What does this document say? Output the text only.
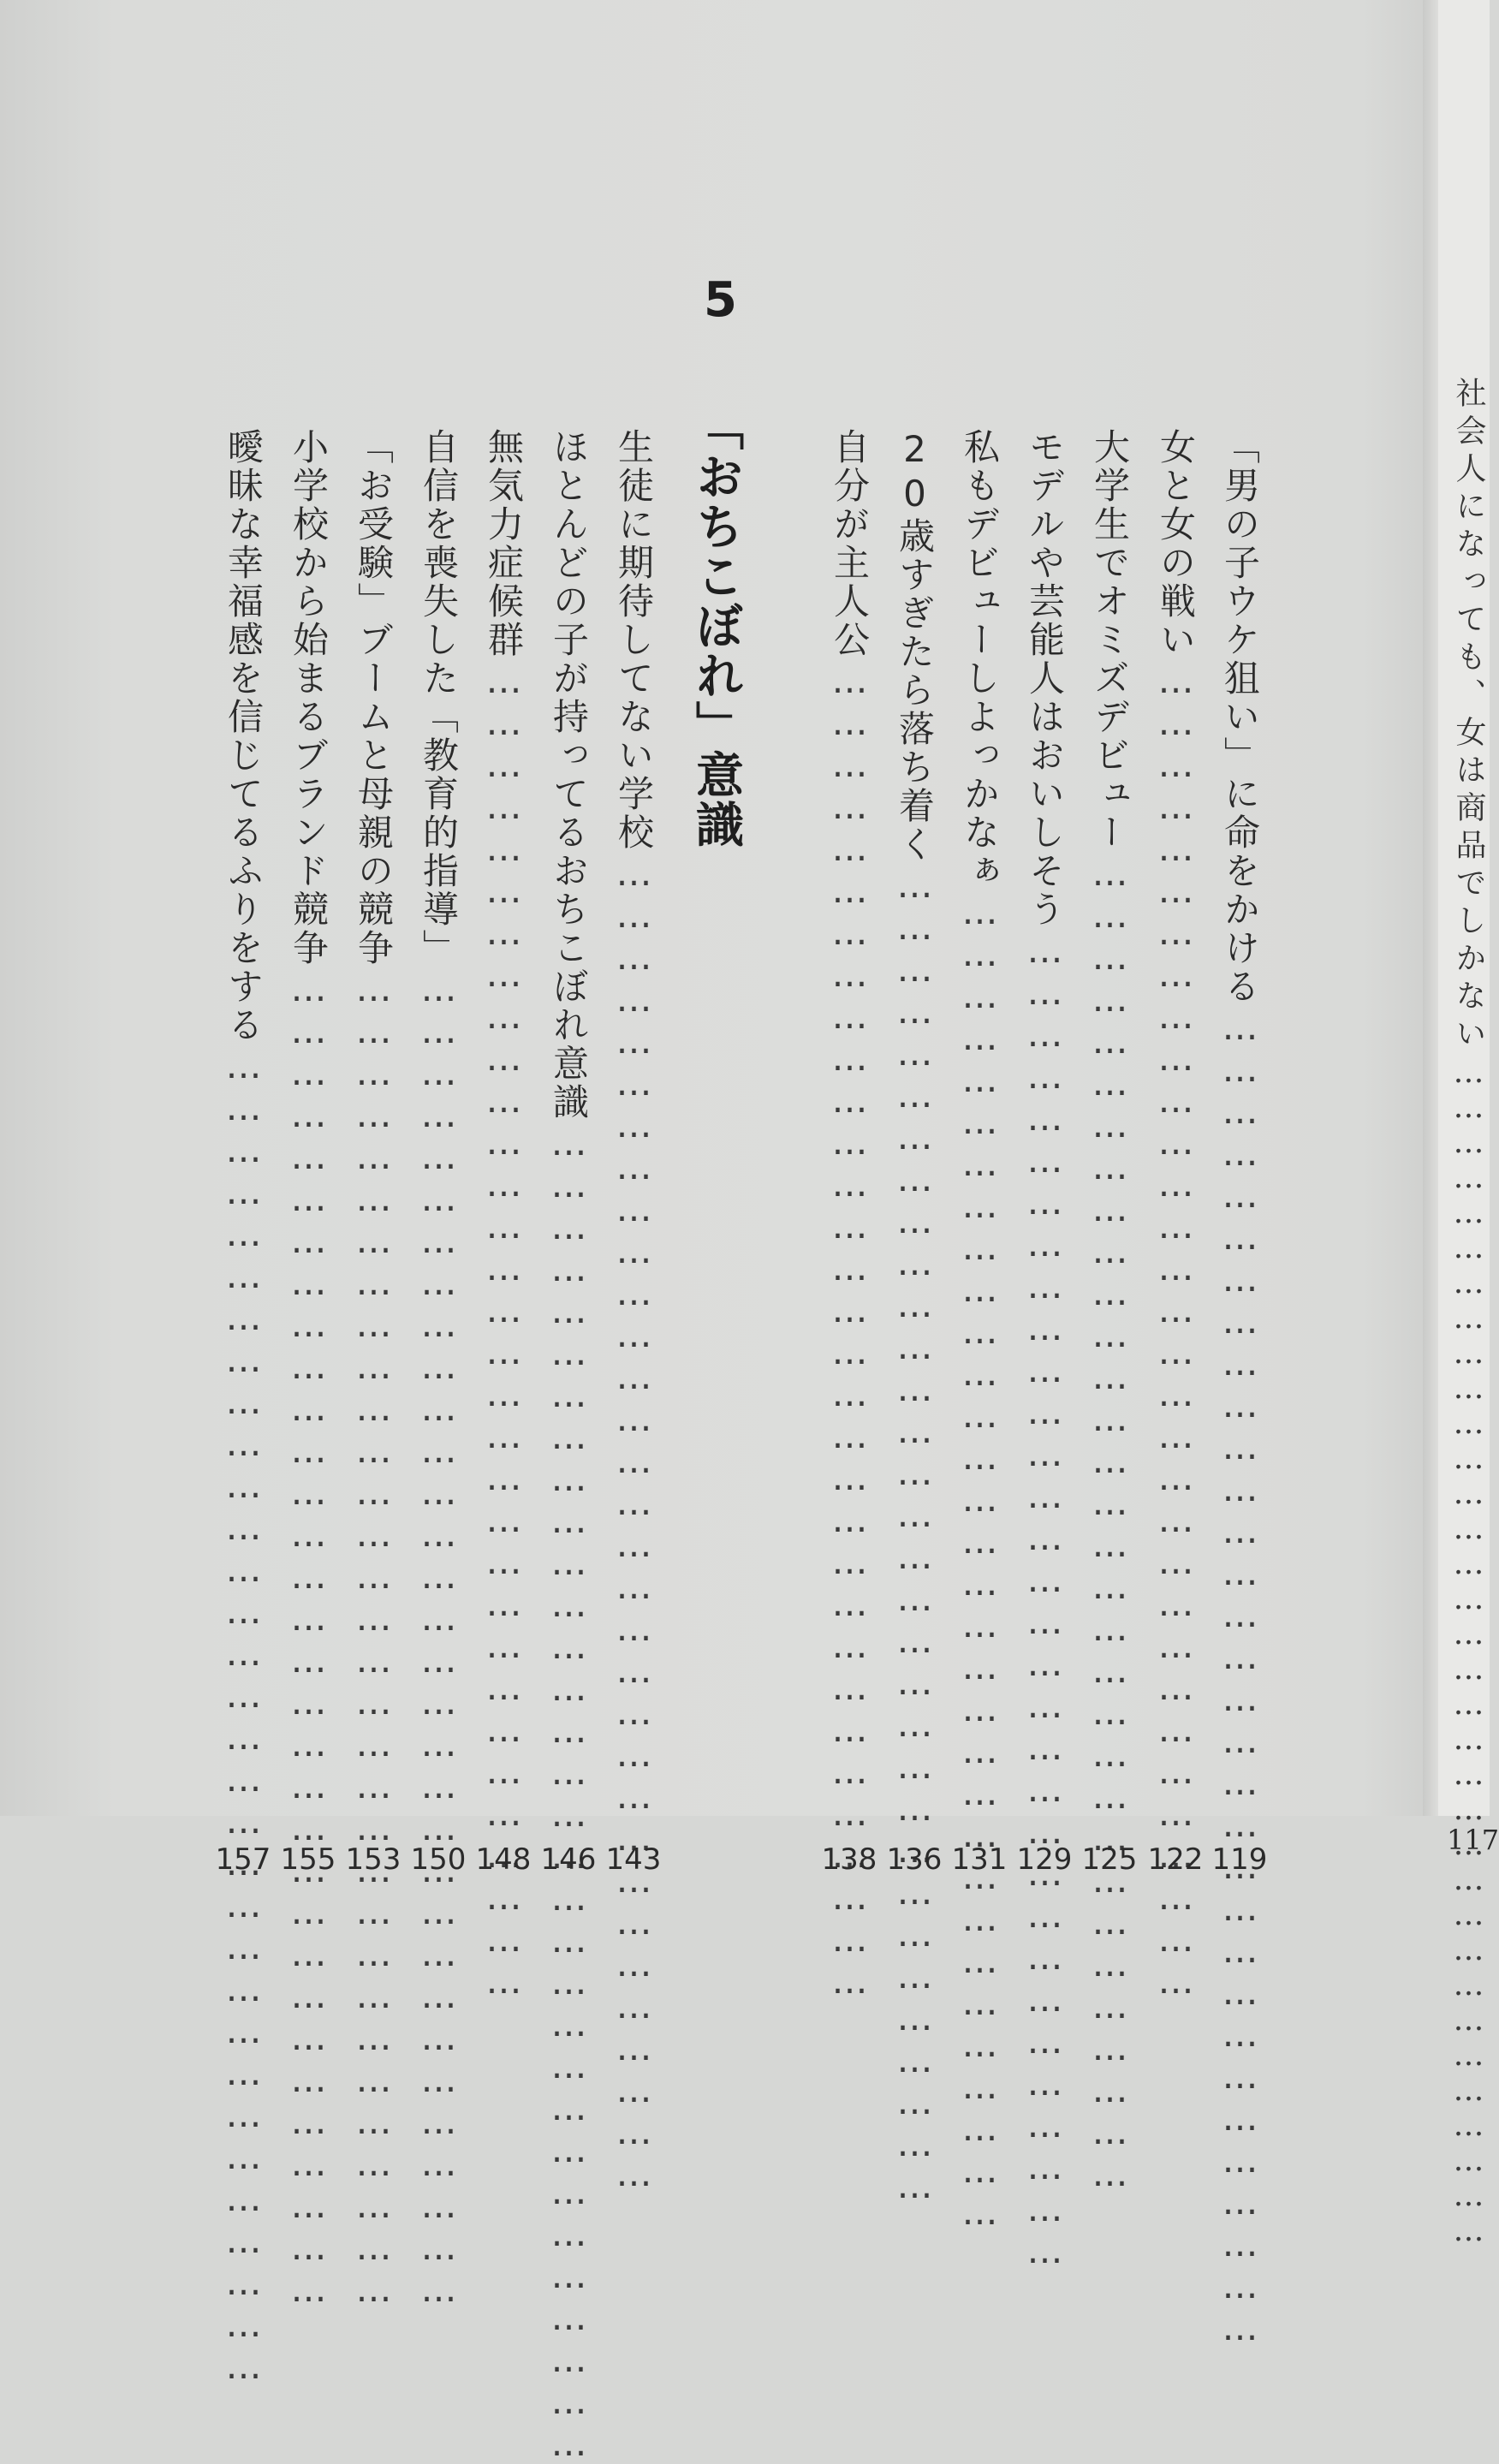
5
「おちこぼれ」意識	「男の子ウケ狙い」に命をかける ……………………………………………………………………………………
119
女と女の戦い ……………………………………………………………………………………
122
大学生でオミズデビュー ……………………………………………………………………………………
125
モデルや芸能人はおいしそう ……………………………………………………………………………………
129
私もデビューしよっかなぁ ……………………………………………………………………………………
131
20歳すぎたら落ち着く ……………………………………………………………………………………
136
自分が主人公 ……………………………………………………………………………………
138
生徒に期待してない学校 ……………………………………………………………………………………
143
ほとんどの子が持ってるおちこぼれ意識 ……………………………………………………………………………………
146
無気力症候群 ……………………………………………………………………………………
148
自信を喪失した「教育的指導」 ……………………………………………………………………………………
150
「お受験」ブームと母親の競争 ……………………………………………………………………………………
153
小学校から始まるブランド競争 ……………………………………………………………………………………
155
曖昧な幸福感を信じてるふりをする ……………………………………………………………………………………
157
社会人になっても、女は商品でしかない …………………………………………………………………………………………
117
